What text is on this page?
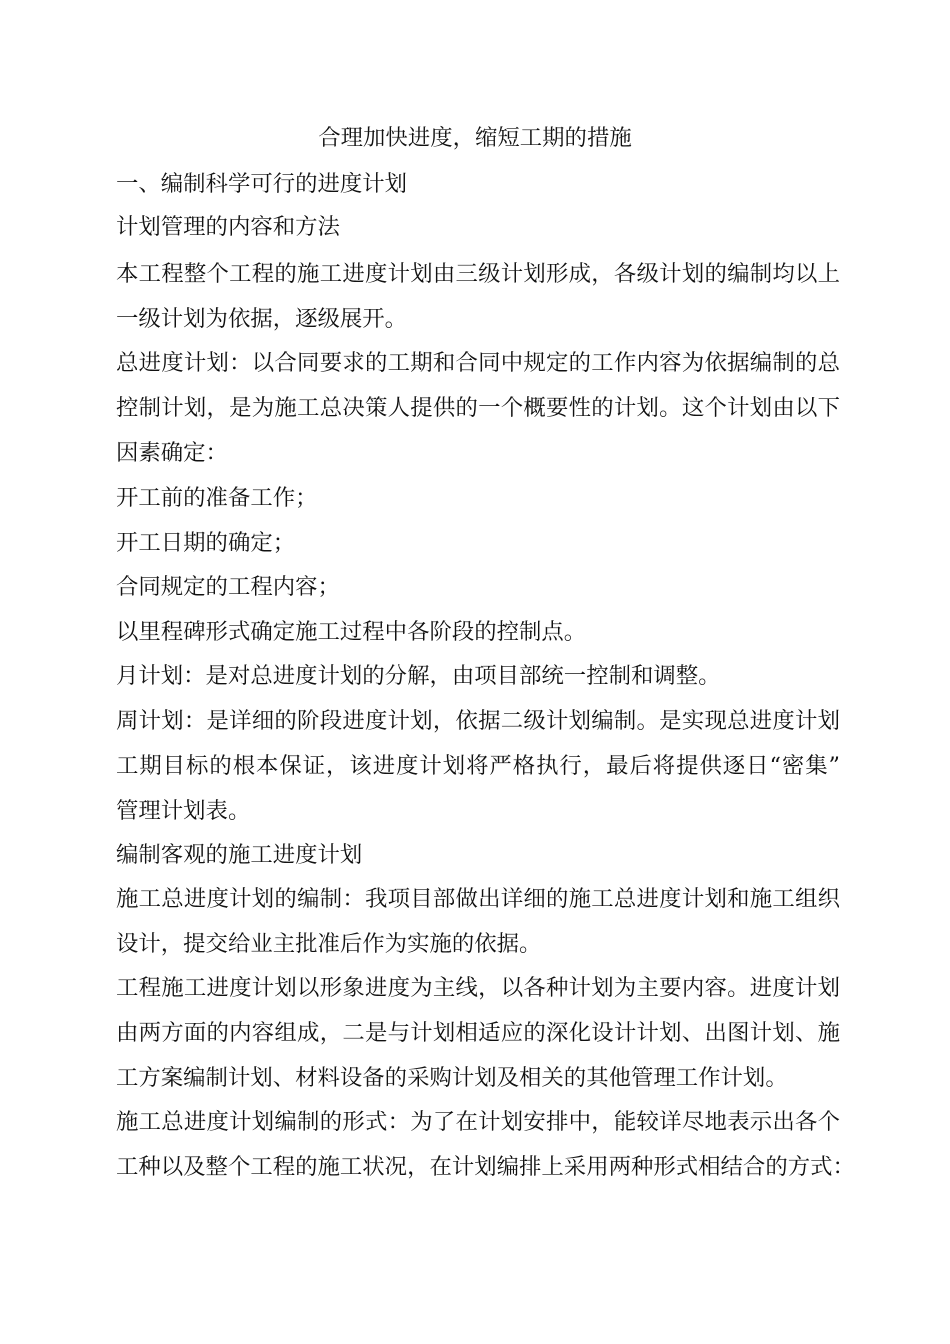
合理加快进度，缩短工期的措施

一、编制科学可行的进度计划

计划管理的内容和方法

本工程整个工程的施工进度计划由三级计划形成，各级计划的编制均以上

一级计划为依据，逐级展开。

总进度计划：以合同要求的工期和合同中规定的工作内容为依据编制的总

控制计划，是为施工总决策人提供的一个概要性的计划。这个计划由以下

因素确定：

开工前的准备工作；

开工日期的确定；

合同规定的工程内容；

以里程碑形式确定施工过程中各阶段的控制点。

月计划：是对总进度计划的分解，由项目部统一控制和调整。

周计划：是详细的阶段进度计划，依据二级计划编制。是实现总进度计划

工期目标的根本保证，该进度计划将严格执行，最后将提供逐日“密集”

管理计划表。

编制客观的施工进度计划

施工总进度计划的编制：我项目部做出详细的施工总进度计划和施工组织

设计，提交给业主批准后作为实施的依据。

工程施工进度计划以形象进度为主线，以各种计划为主要内容。进度计划

由两方面的内容组成，二是与计划相适应的深化设计计划、出图计划、施

工方案编制计划、材料设备的采购计划及相关的其他管理工作计划。

施工总进度计划编制的形式：为了在计划安排中，能较详尽地表示出各个

工种以及整个工程的施工状况，在计划编排上采用两种形式相结合的方式：
